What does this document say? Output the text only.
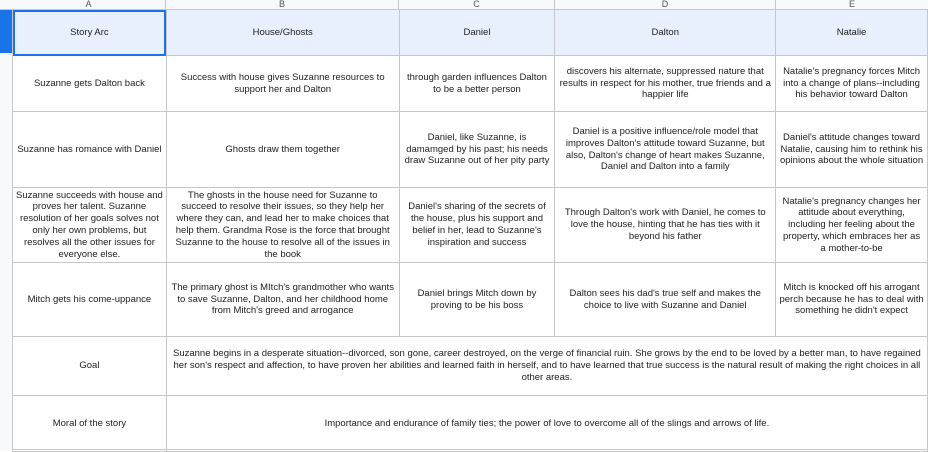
A	B	C	D	E
Story Arc	House/Ghosts	Daniel	Dalton	Natalie
Suzanne gets Dalton back	Success with house gives Suzanne resources to support her and Dalton	through garden influences Dalton to be a better person	discovers his alternate, suppressed nature that results in respect for his mother, true friends and a happier life	Natalie's pregnancy forces Mitch into a change of plans--including his behavior toward Dalton
Suzanne has romance with Daniel	Ghosts draw them together	Daniel, like Suzanne, is damamged by his past; his needs draw Suzanne out of her pity party	Daniel is a positive influence/role model that improves Dalton's attitude toward Suzanne, but also, Dalton's change of heart makes Suzanne, Daniel and Dalton into a family	Daniel's attitude changes toward Natalie, causing him to rethink his opinions about the whole situation
Suzanne succeeds with house and proves her talent. Suzanne resolution of her goals solves not only her own problems, but resolves all the other issues for everyone else.	The ghosts in the house need for Suzanne to succeed to resolve their issues, so they help her where they can, and lead her to make choices that help them. Grandma Rose is the force that brought Suzanne to the house to resolve all of the issues in the book	Daniel's sharing of the secrets of the house, plus his support and belief in her, lead to Suzanne's inspiration and success	Through Dalton's work with Daniel, he comes to love the house, hinting that he has ties with it beyond his father	Natalie's pregnancy changes her attitude about everything, including her feeling about the property, which embraces her as a mother-to-be
Mitch gets his come-uppance	The primary ghost is MItch's grandmother who wants to save Suzanne, Dalton, and her childhood home from Mitch's greed and arrogance	Daniel brings Mitch down by proving to be his boss	Dalton sees his dad's true self and makes the choice to live with Suzanne and Daniel	Mitch is knocked off his arrogant perch because he has to deal with something he didn't expect
Goal	Suzanne begins in a desperate situation--divorced, son gone, career destroyed, on the verge of financial ruin. She grows by the end to be loved by a better man, to have regained her son's respect and affection, to have proven her abilities and learned faith in herself, and to have learned that true success is the natural result of making the right choices in all other areas.			
Moral of the story	Importance and endurance of family ties; the power of love to overcome all of the slings and arrows of life.			
